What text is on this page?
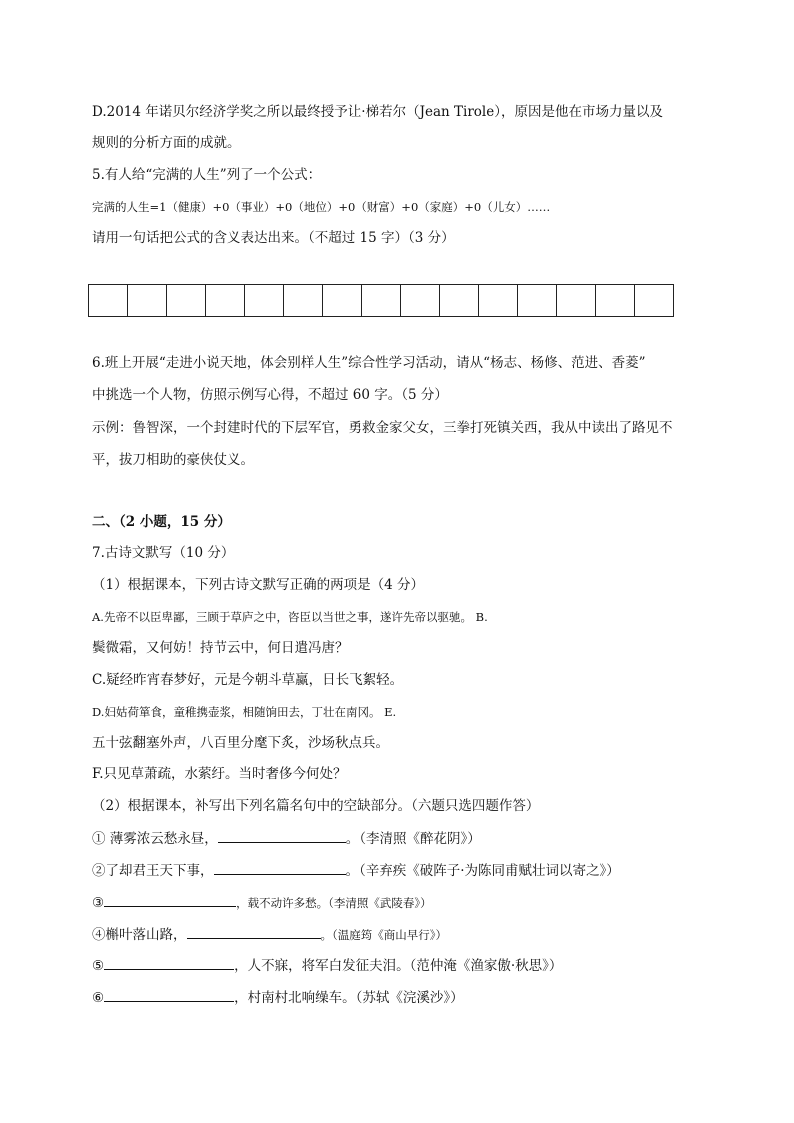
D.2014 年诺贝尔经济学奖之所以最终授予让·梯若尔（Jean Tirole），原因是他在市场力量以及
规则的分析方面的成就。
5.有人给“完满的人生”列了一个公式：
完满的人生=1（健康）+0（事业）+0（地位）+0（财富）+0（家庭）+0（儿女）……
请用一句话把公式的含义表达出来。（不超过 15 字）（3 分）
6.班上开展“走进小说天地，体会别样人生”综合性学习活动，请从“杨志、杨修、范进、香菱”
中挑选一个人物，仿照示例写心得，不超过 60 字。（5 分）
示例：鲁智深，一个封建时代的下层军官，勇救金家父女，三拳打死镇关西，我从中读出了路见不
平，拔刀相助的豪侠仗义。
二、（2 小题，15 分）
7.古诗文默写（10 分）
（1）根据课本，下列古诗文默写正确的两项是（4 分）
A.先帝不以臣卑鄙，三顾于草庐之中，咨臣以当世之事，遂许先帝以驱驰。 B.
鬓微霜，又何妨！持节云中，何日遣冯唐？
C.疑经昨宵春梦好，元是今朝斗草赢，日长飞絮轻。
D.妇姑荷箪食，童稚携壶浆，相随饷田去，丁壮在南冈。 E.
五十弦翻塞外声，八百里分麾下炙，沙场秋点兵。
F.只见草萧疏，水萦纡。当时奢侈今何处？
（2）根据课本，补写出下列名篇名句中的空缺部分。（六题只选四题作答）
① 薄雾浓云愁永昼，	。（李清照《醉花阴》）
②了却君王天下事，	。（辛弃疾《破阵子·为陈同甫赋壮词以寄之》）
③	，载不动许多愁。（李清照《武陵春》）
④槲叶落山路，	。（温庭筠《商山早行》）
⑤	，人不寐，将军白发征夫泪。（范仲淹《渔家傲·秋思》）
⑥	，村南村北响缲车。（苏轼《浣溪沙》）
